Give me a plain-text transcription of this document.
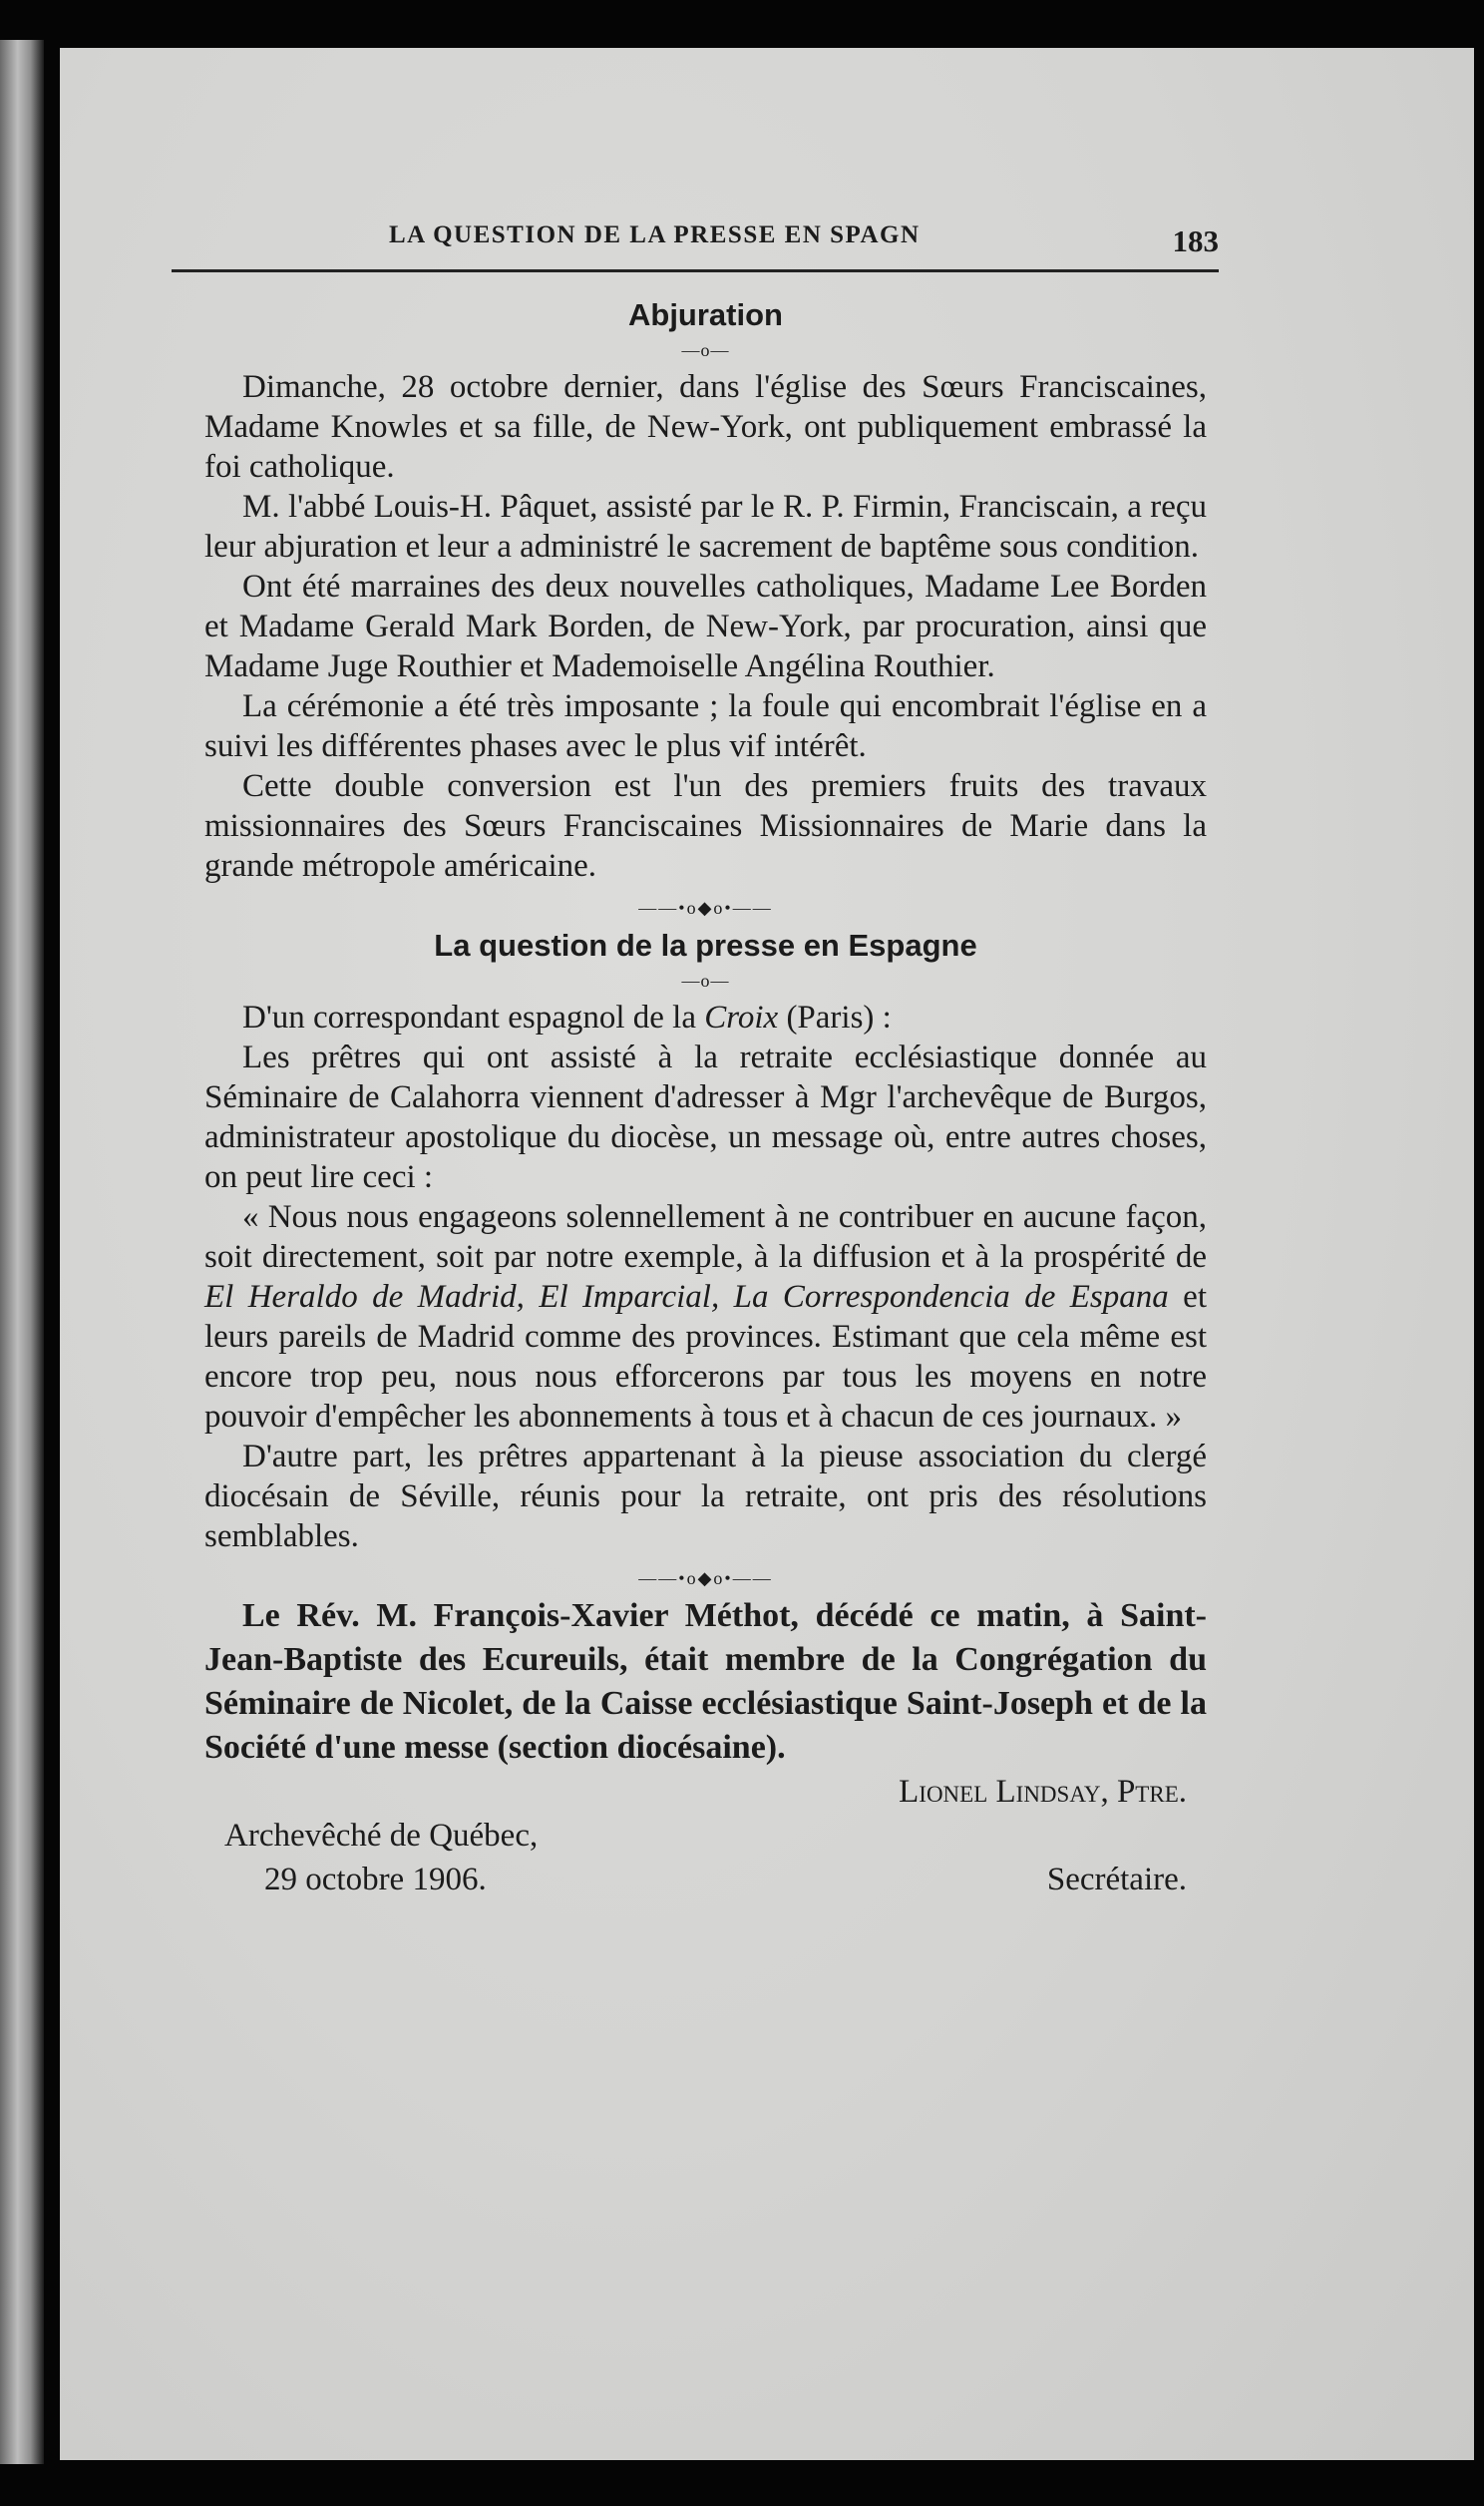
LA QUESTION DE LA PRESSE EN SPAGN	183
Abjuration
—o—

Dimanche, 28 octobre dernier, dans l'église des Sœurs Franciscaines, Madame Knowles et sa fille, de New-York, ont publiquement embrassé la foi catholique.

M. l'abbé Louis-H. Pâquet, assisté par le R. P. Firmin, Franciscain, a reçu leur abjuration et leur a administré le sacrement de baptême sous condition.

Ont été marraines des deux nouvelles catholiques, Madame Lee Borden et Madame Gerald Mark Borden, de New-York, par procuration, ainsi que Madame Juge Routhier et Mademoiselle Angélina Routhier.

La cérémonie a été très imposante ; la foule qui encombrait l'église en a suivi les différentes phases avec le plus vif intérêt.

Cette double conversion est l'un des premiers fruits des travaux missionnaires des Sœurs Franciscaines Missionnaires de Marie dans la grande métropole américaine.

——•o◆o•——
La question de la presse en Espagne
—o—

D'un correspondant espagnol de la Croix (Paris) :

Les prêtres qui ont assisté à la retraite ecclésiastique donnée au Séminaire de Calahorra viennent d'adresser à Mgr l'archevêque de Burgos, administrateur apostolique du diocèse, un message où, entre autres choses, on peut lire ceci :

« Nous nous engageons solennellement à ne contribuer en aucune façon, soit directement, soit par notre exemple, à la diffusion et à la prospérité de El Heraldo de Madrid, El Imparcial, La Correspondencia de Espana et leurs pareils de Madrid comme des provinces. Estimant que cela même est encore trop peu, nous nous efforcerons par tous les moyens en notre pouvoir d'empêcher les abonnements à tous et à chacun de ces journaux. »

D'autre part, les prêtres appartenant à la pieuse association du clergé diocésain de Séville, réunis pour la retraite, ont pris des résolutions semblables.

——•o◆o•——

Le Rév. M. François-Xavier Méthot, décédé ce matin, à Saint-Jean-Baptiste des Ecureuils, était membre de la Congrégation du Séminaire de Nicolet, de la Caisse ecclésiastique Saint-Joseph et de la Société d'une messe (section diocésaine).

Lionel Lindsay, Ptre.
Archevêché de Québec,
29 octobre 1906.	Secrétaire.
